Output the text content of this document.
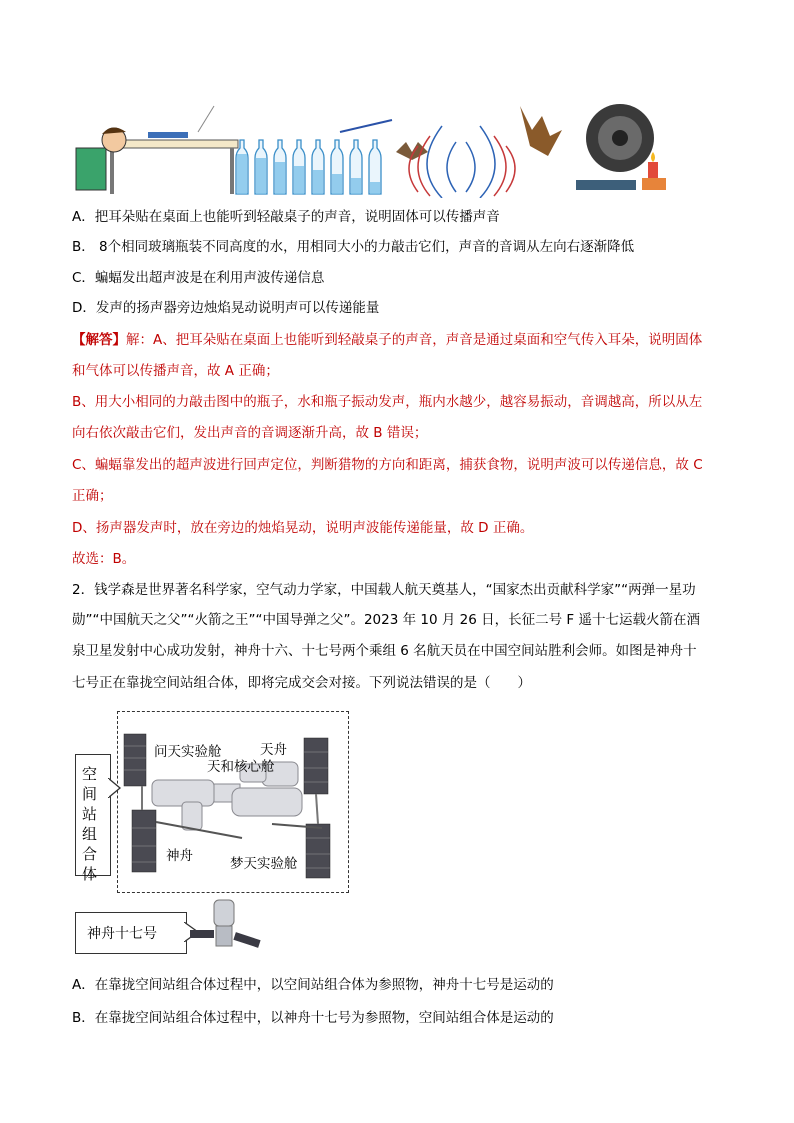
A．把耳朵贴在桌面上也能听到轻敲桌子的声音，说明固体可以传播声音
B． 8个相同玻璃瓶装不同高度的水，用相同大小的力敲击它们，声音的音调从左向右逐渐降低
C．蝙蝠发出超声波是在利用声波传递信息
D．发声的扬声器旁边烛焰晃动说明声可以传递能量
【解答】解：A、把耳朵贴在桌面上也能听到轻敲桌子的声音，声音是通过桌面和空气传入耳朵，说明固体
和气体可以传播声音，故 A 正确；
B、用大小相同的力敲击图中的瓶子，水和瓶子振动发声，瓶内水越少，越容易振动，音调越高，所以从左
向右依次敲击它们，发出声音的音调逐渐升高，故 B 错误；
C、蝙蝠靠发出的超声波进行回声定位，判断猎物的方向和距离，捕获食物，说明声波可以传递信息，故 C
正确；
D、扬声器发声时，放在旁边的烛焰晃动，说明声波能传递能量，故 D 正确。
故选：B。
2．钱学森是世界著名科学家，空气动力学家，中国载人航天奠基人，“国家杰出贡献科学家”“两弹一星功
勋”“中国航天之父”“火箭之王”“中国导弹之父”。2023 年 10 月 26 日，长征二号 F 遥十七运载火箭在酒
泉卫星发射中心成功发射，神舟十六、十七号两个乘组 6 名航天员在中国空间站胜利会师。如图是神舟十
七号正在靠拢空间站组合体，即将完成交会对接。下列说法错误的是（　　）
空间站组合体
问天实验舱	天舟
天和核心舱
神舟	梦天实验舱
神舟十七号
A．在靠拢空间站组合体过程中，以空间站组合体为参照物，神舟十七号是运动的
B．在靠拢空间站组合体过程中，以神舟十七号为参照物，空间站组合体是运动的
